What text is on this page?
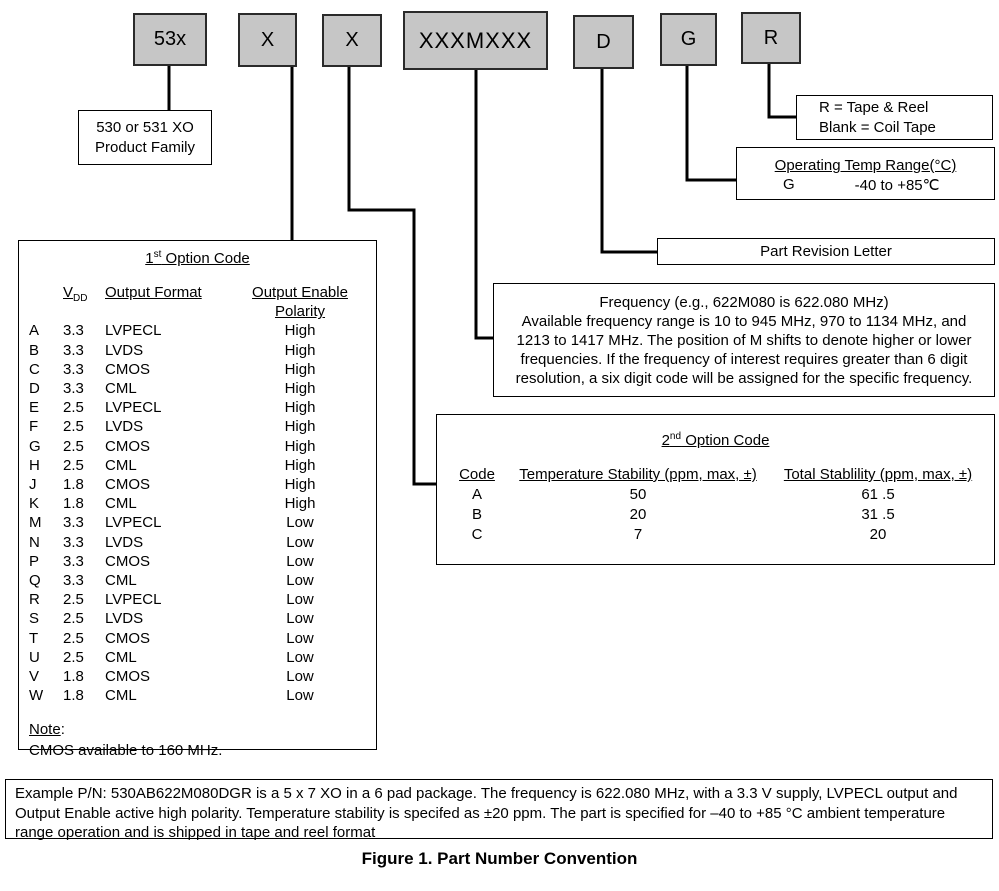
53x	X	X	XXXMXXX	D	G	R
530 or 531 XO
Product Family
R = Tape & Reel
Blank = Coil Tape
Operating Temp Range(°C)
G	-40 to +85℃
Part Revision Letter
Frequency (e.g., 622M080 is 622.080 MHz)
Available frequency range is 10 to 945 MHz, 970 to 1134 MHz, and
1213 to 1417 MHz. The position of M shifts to denote higher or lower
frequencies. If the frequency of interest requires greater than 6 digit
resolution, a six digit code will be assigned for the specific frequency.
2nd Option Code
Code	Temperature Stability (ppm, max, ±)	Total Stablility (ppm, max, ±)
A	50	61 .5
B	20	31 .5
C	7	20
1st Option Code
	$V_{DD}$	Output Format	Output Enable Polarity
A	3.3	LVPECL	High
B	3.3	LVDS	High
C	3.3	CMOS	High
D	3.3	CML	High
E	2.5	LVPECL	High
F	2.5	LVDS	High
G	2.5	CMOS	High
H	2.5	CML	High
J	1.8	CMOS	High
K	1.8	CML	High
M	3.3	LVPECL	Low
N	3.3	LVDS	Low
P	3.3	CMOS	Low
Q	3.3	CML	Low
R	2.5	LVPECL	Low
S	2.5	LVDS	Low
T	2.5	CMOS	Low
U	2.5	CML	Low
V	1.8	CMOS	Low
W	1.8	CML	Low
Note:
CMOS available to 160 MHz.
Example P/N: 530AB622M080DGR is a 5 x 7 XO in a 6 pad package. The frequency is 622.080 MHz, with a 3.3 V supply, LVPECL output and Output Enable active high polarity. Temperature stability is specifed as ±20 ppm. The part is specified for –40 to +85 °C ambient temperature range operation and is shipped in tape and reel format
Figure 1. Part Number Convention
